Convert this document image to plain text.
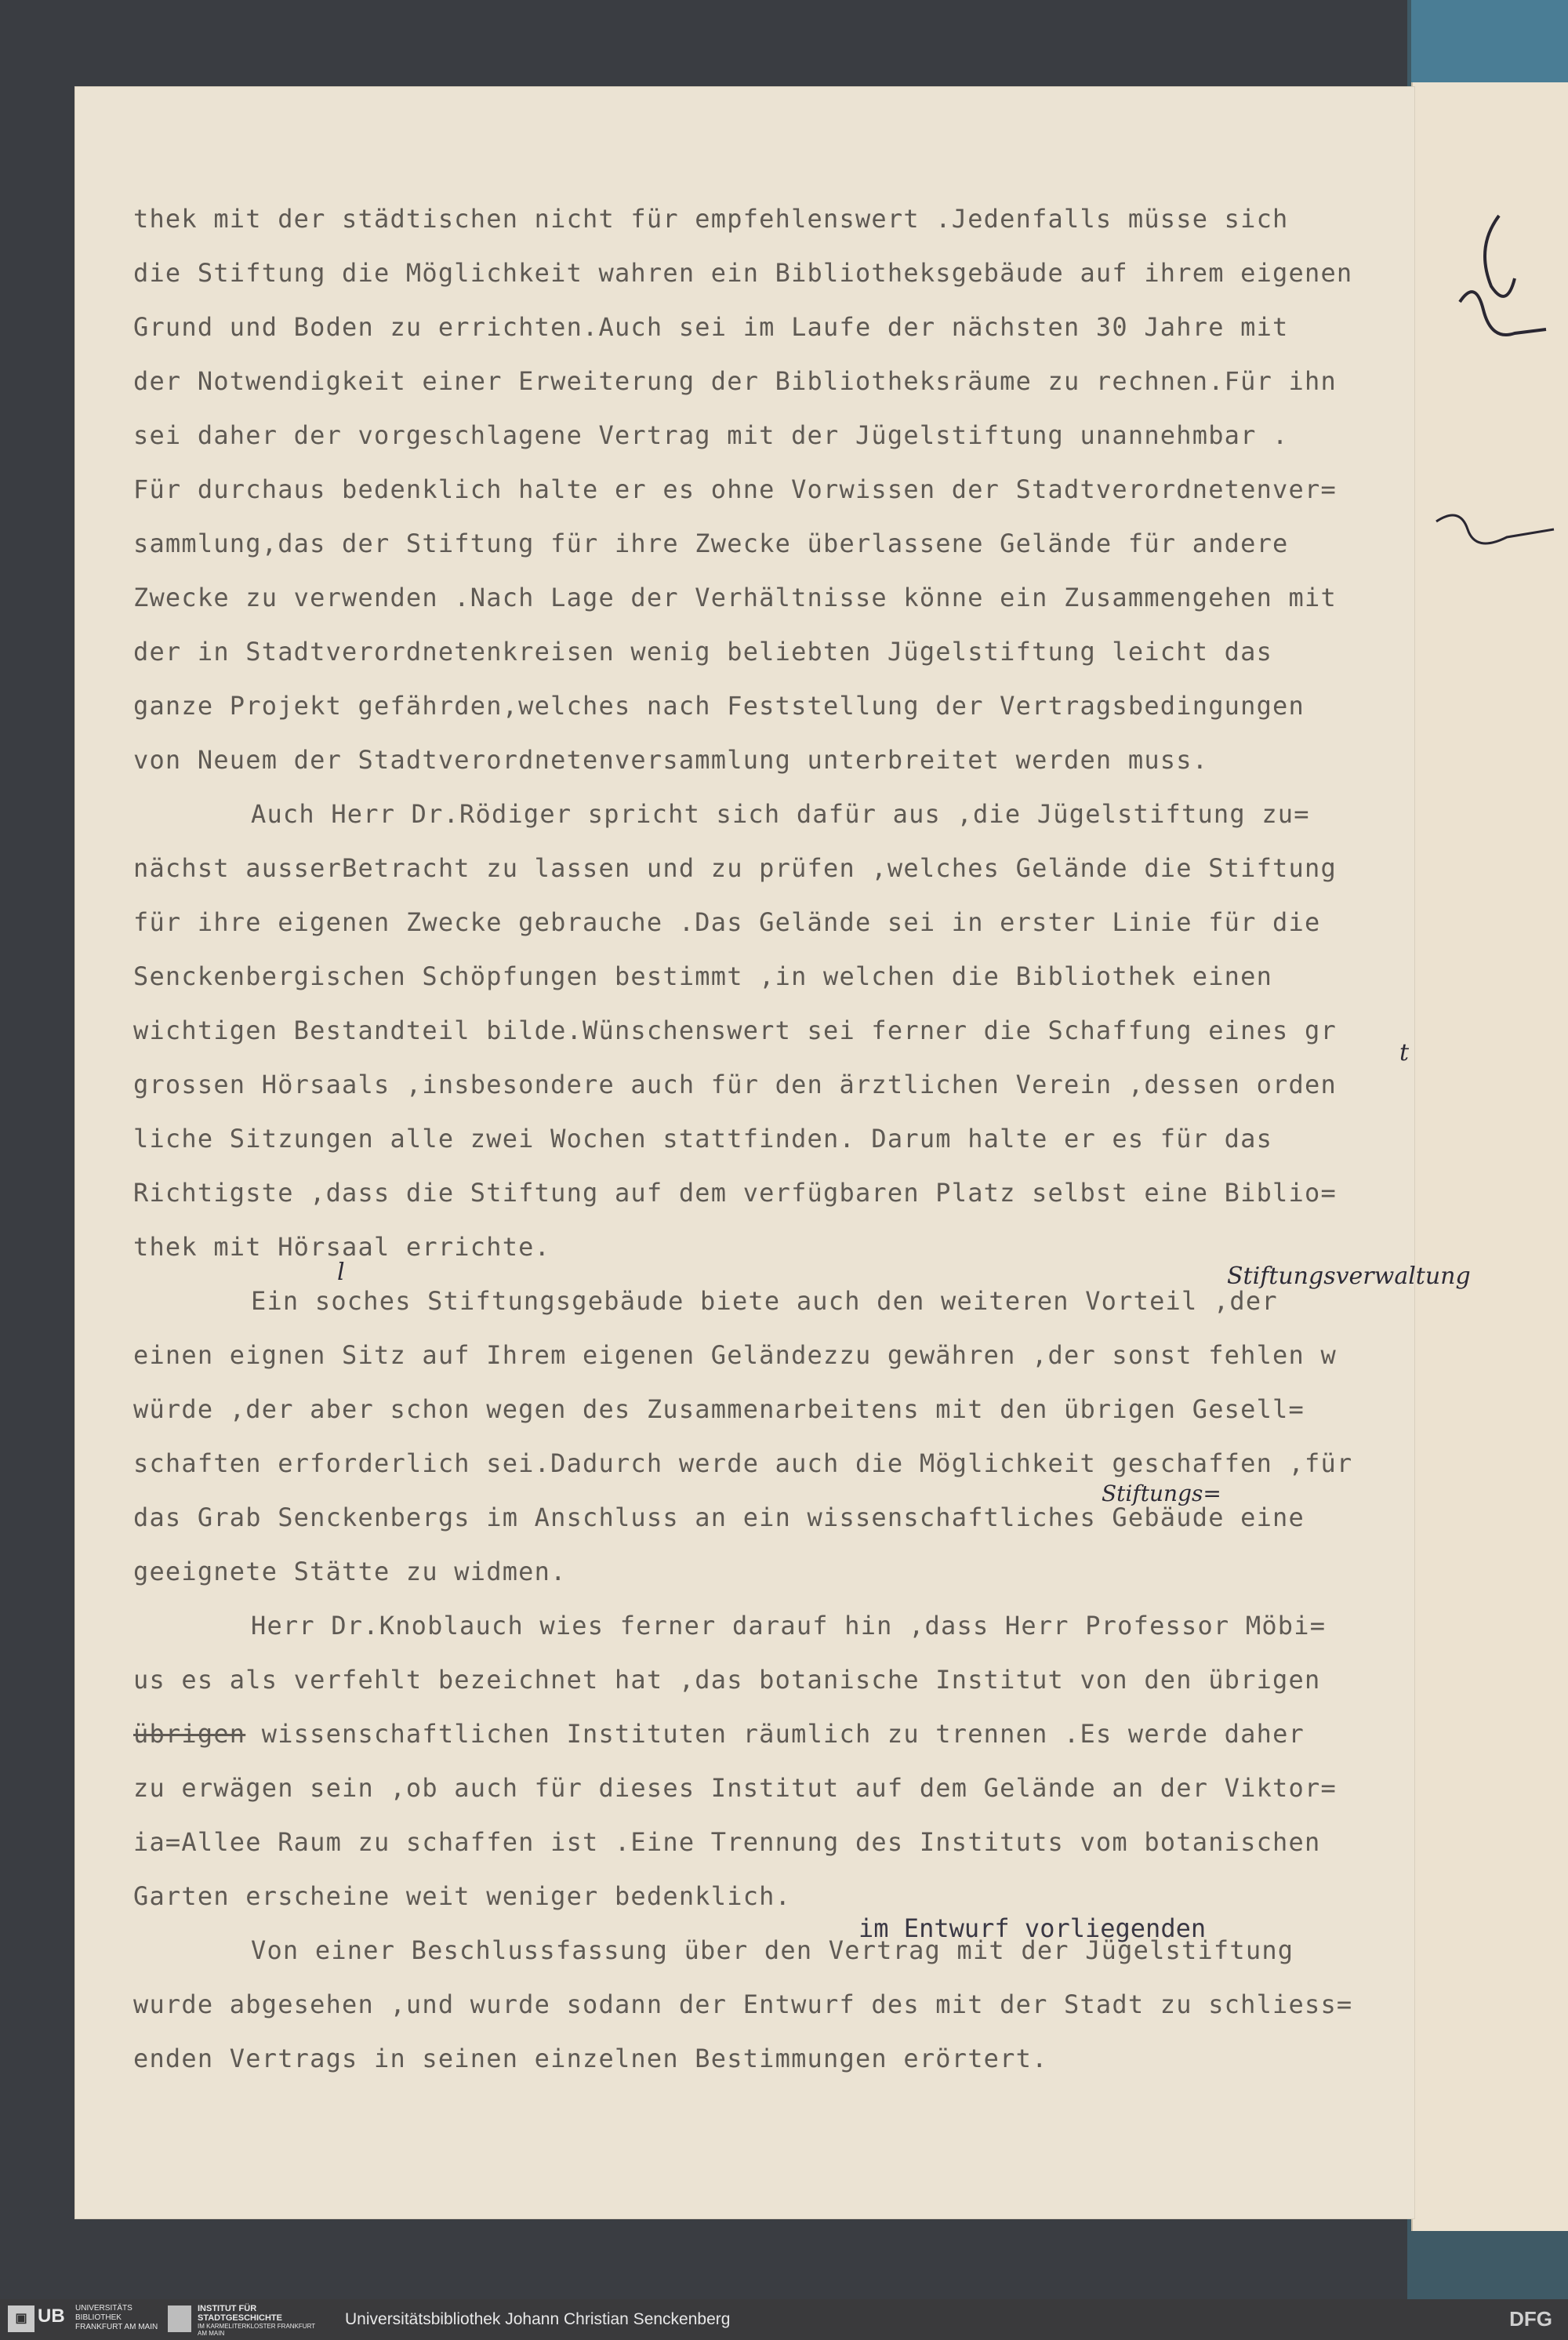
thek mit der städtischen nicht für empfehlenswert .Jedenfalls müsse sich
die Stiftung die Möglichkeit wahren ein Bibliotheksgebäude auf ihrem eigenen
Grund und Boden zu errichten.Auch sei im Laufe der nächsten 30 Jahre mit
der Notwendigkeit einer Erweiterung der Bibliotheksräume zu rechnen.Für ihn
sei daher der vorgeschlagene Vertrag mit der Jügelstiftung unannehmbar .
Für durchaus bedenklich halte er es ohne Vorwissen der Stadtverordnetenver=
sammlung,das der Stiftung für ihre Zwecke überlassene Gelände für andere
Zwecke zu verwenden .Nach Lage der Verhältnisse könne ein Zusammengehen mit
der in Stadtverordnetenkreisen wenig beliebten Jügelstiftung leicht das
ganze Projekt gefährden,welches nach Feststellung der Vertragsbedingungen
von Neuem der Stadtverordnetenversammlung unterbreitet werden muss.
Auch Herr Dr.Rödiger spricht sich dafür aus ,die Jügelstiftung zu=
nächst ausserBetracht zu lassen und zu prüfen ,welches Gelände die Stiftung
für ihre eigenen Zwecke gebrauche .Das Gelände sei in erster Linie für die
Senckenbergischen Schöpfungen bestimmt ,in welchen die Bibliothek einen
wichtigen Bestandteil bilde.Wünschenswert sei ferner die Schaffung eines gr
grossen Hörsaals ,insbesondere auch für den ärztlichen Verein ,dessen orden
liche Sitzungen alle zwei Wochen stattfinden. Darum halte er es für das
Richtigste ,dass die Stiftung auf dem verfügbaren Platz selbst eine Biblio=
thek mit Hörsaal errichte.
Ein soches Stiftungsgebäude biete auch den weiteren Vorteil ,der
einen eignen Sitz auf Ihrem eigenen Geländezzu gewähren ,der sonst fehlen w
würde ,der aber schon wegen des Zusammenarbeitens mit den übrigen Gesell=
schaften erforderlich sei.Dadurch werde auch die Möglichkeit geschaffen ,für
das Grab Senckenbergs im Anschluss an ein wissenschaftliches Gebäude eine
geeignete Stätte zu widmen.
Herr Dr.Knoblauch wies ferner darauf hin ,dass Herr Professor Möbi=
us es als verfehlt bezeichnet hat ,das botanische Institut von den übrigen
übrigen wissenschaftlichen Instituten räumlich zu trennen .Es werde daher
zu erwägen sein ,ob auch für dieses Institut auf dem Gelände an der Viktor=
ia=Allee Raum zu schaffen ist .Eine Trennung des Instituts vom botanischen
Garten erscheine weit weniger bedenklich.
Von einer Beschlussfassung über den Vertrag mit der Jügelstiftung
wurde abgesehen ,und wurde sodann der Entwurf des mit der Stadt zu schliess=
enden Vertrags in seinen einzelnen Bestimmungen erörtert.
Stiftungsverwaltung
Stiftungs=
im Entwurf vorliegenden
l
t
▣ UB UNIVERSITÄTS BIBLIOTHEK FRANKFURT AM MAIN
INSTITUT FÜR STADTGESCHICHTE
IM KARMELITERKLOSTER FRANKFURT AM MAIN
Universitätsbibliothek Johann Christian Senckenberg	DFG
